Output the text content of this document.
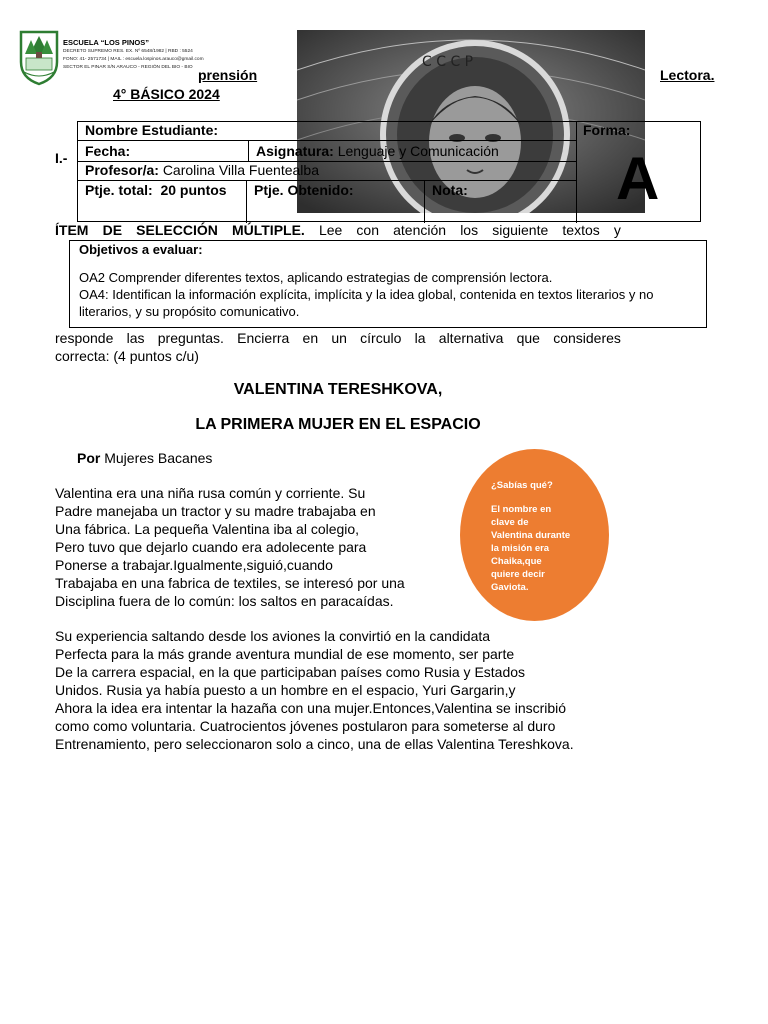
ESCUELA “LOS PINOS”
DECRETO SUPREMO RES. EX. Nº 6548/1982 | RBD : 5524
FONO: 41- 2571734 | MAIL : escuela.lospinos.arauco@gmail.com
SECTOR EL PINAR S/N ARAUCO - REGIÓN DEL BIO - BIO prensión	Lectora.
4° BÁSICO 2024
С С С Р
I.-
Nombre Estudiante:	Forma:
A
Fecha:	Asignatura: Lenguaje y Comunicación
Profesor/a: Carolina Villa Fuentealba
Ptje. total: 20 puntos Ptje. Obtenido:	Nota:
ÍTEM DE SELECCIÓN MÚLTIPLE. Lee con atención los siguiente textos y
Objetivos a evaluar:
OA2 Comprender diferentes textos, aplicando estrategias de comprensión lectora.
OA4: Identifican la información explícita, implícita y la idea global, contenida en textos literarios y no
literarios, y su propósito comunicativo.
responde las preguntas. Encierra en un círculo la alternativa que consideres
correcta: (4 puntos c/u)
VALENTINA TERESHKOVA,
LA PRIMERA MUJER EN EL ESPACIO
Por Mujeres Bacanes
Valentina era una niña rusa común y corriente. Su
Padre manejaba un tractor y su madre trabajaba en
Una fábrica. La pequeña Valentina iba al colegio,
Pero tuvo que dejarlo cuando era adolecente para
Ponerse a trabajar.Igualmente,siguió,cuando
Trabajaba en una fabrica de textiles, se interesó por una
Disciplina fuera de lo común: los saltos en paracaídas.
¿Sabías qué?
El nombre en
clave de
Valentina durante
la misión era
Chaika,que
quiere decir
Gaviota.
Su experiencia saltando desde los aviones la convirtió en la candidata
Perfecta para la más grande aventura mundial de ese momento, ser parte
De la carrera espacial, en la que participaban países como Rusia y Estados
Unidos. Rusia ya había puesto a un hombre en el espacio, Yuri Gargarin,y
Ahora la idea era intentar la hazaña con una mujer.Entonces,Valentina se inscribió
como como voluntaria. Cuatrocientos jóvenes postularon para someterse al duro
Entrenamiento, pero seleccionaron solo a cinco, una de ellas Valentina Tereshkova.
